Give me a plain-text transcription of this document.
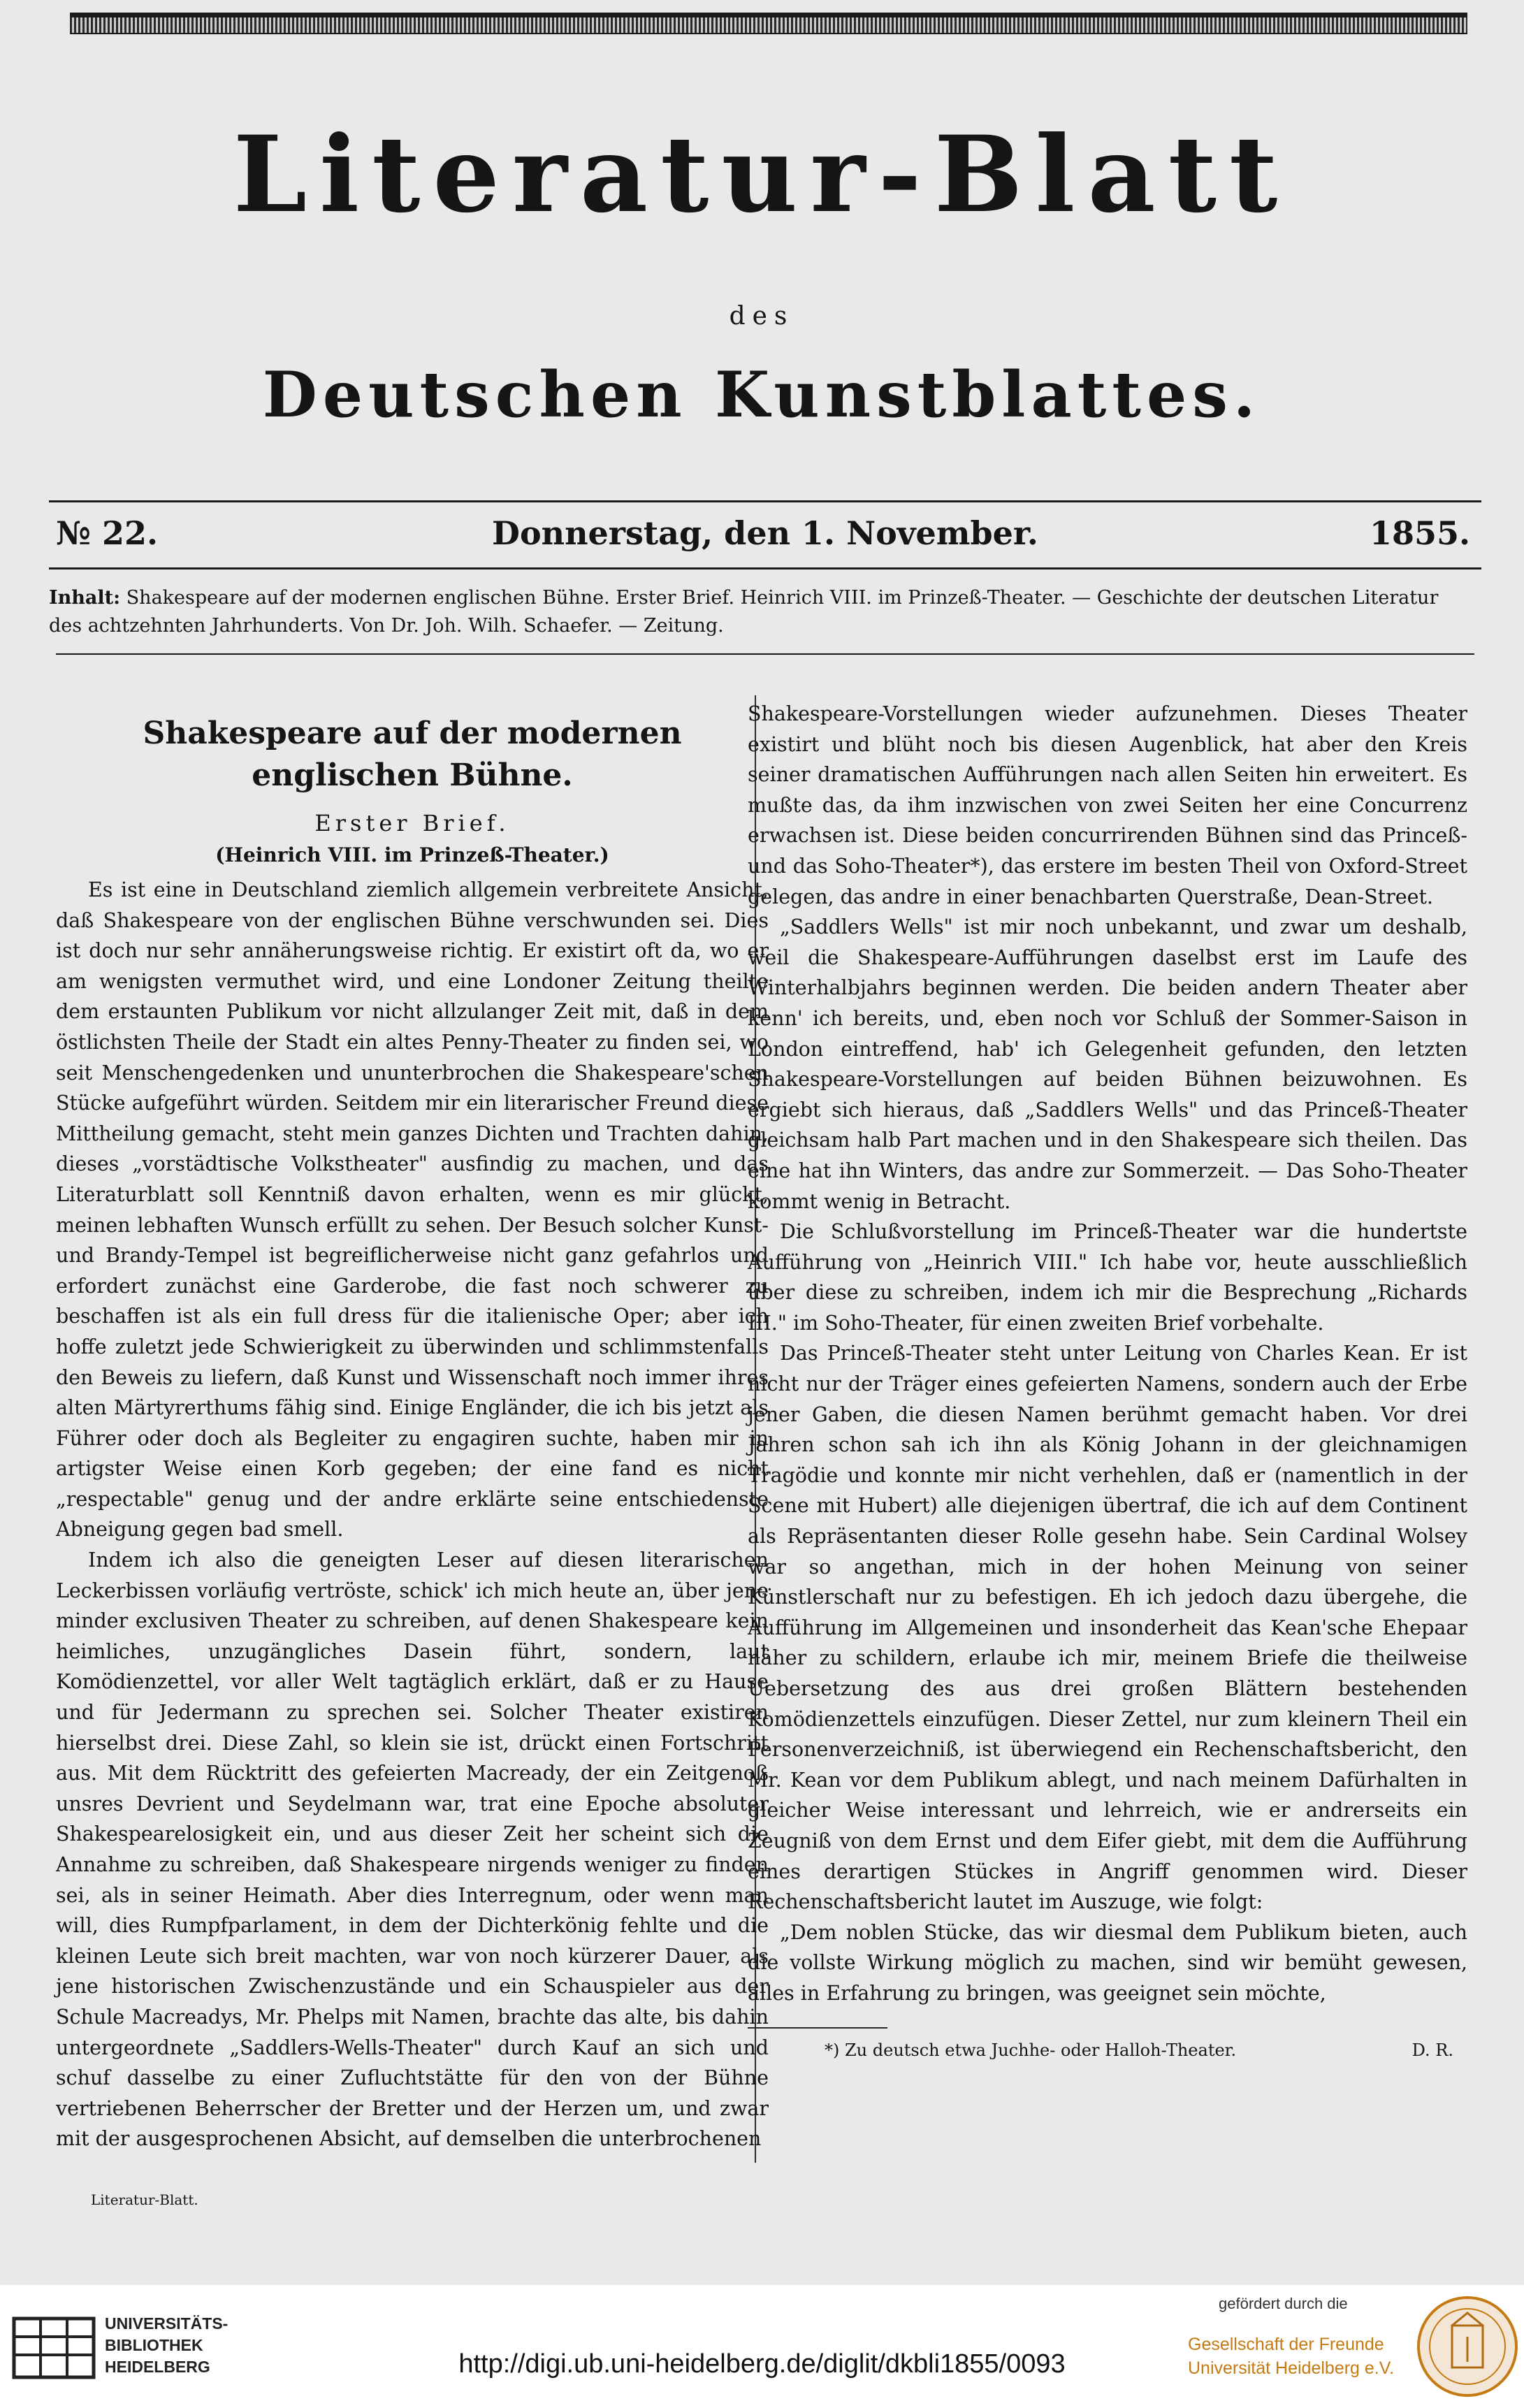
Literatur-Blatt
des
Deutschen Kunstblattes.
№ 22.	Donnerstag, den 1. November.	1855.
Inhalt: Shakespeare auf der modernen englischen Bühne. Erster Brief. Heinrich VIII. im Prinzeß-Theater. — Geschichte der deutschen Literatur des achtzehnten Jahrhunderts. Von Dr. Joh. Wilh. Schaefer. — Zeitung.
Shakespeare auf der modernen englischen Bühne.
Erster Brief.
(Heinrich VIII. im Prinzeß-Theater.)

Es ist eine in Deutschland ziemlich allgemein verbreitete Ansicht, daß Shakespeare von der englischen Bühne verschwunden sei. Dies ist doch nur sehr annäherungsweise richtig. Er existirt oft da, wo er am wenigsten vermuthet wird, und eine Londoner Zeitung theilte dem erstaunten Publikum vor nicht allzulanger Zeit mit, daß in dem östlichsten Theile der Stadt ein altes Penny-Theater zu finden sei, wo seit Menschengedenken und ununterbrochen die Shakespeare'schen Stücke aufgeführt würden. Seitdem mir ein literarischer Freund diese Mittheilung gemacht, steht mein ganzes Dichten und Trachten dahin, dieses „vorstädtische Volkstheater" ausfindig zu machen, und das Literaturblatt soll Kenntniß davon erhalten, wenn es mir glückt, meinen lebhaften Wunsch erfüllt zu sehen. Der Besuch solcher Kunst- und Brandy-Tempel ist begreiflicherweise nicht ganz gefahrlos und erfordert zunächst eine Garderobe, die fast noch schwerer zu beschaffen ist als ein full dress für die italienische Oper; aber ich hoffe zuletzt jede Schwierigkeit zu überwinden und schlimmstenfalls den Beweis zu liefern, daß Kunst und Wissenschaft noch immer ihres alten Märtyrerthums fähig sind. Einige Engländer, die ich bis jetzt als Führer oder doch als Begleiter zu engagiren suchte, haben mir in artigster Weise einen Korb gegeben; der eine fand es nicht „respectable" genug und der andre erklärte seine entschiedenste Abneigung gegen bad smell.

Indem ich also die geneigten Leser auf diesen literarischen Leckerbissen vorläufig vertröste, schick' ich mich heute an, über jene minder exclusiven Theater zu schreiben, auf denen Shakespeare kein heimliches, unzugängliches Dasein führt, sondern, laut Komödienzettel, vor aller Welt tagtäglich erklärt, daß er zu Hause und für Jedermann zu sprechen sei. Solcher Theater existiren hierselbst drei. Diese Zahl, so klein sie ist, drückt einen Fortschritt aus. Mit dem Rücktritt des gefeierten Macready, der ein Zeitgenoß unsres Devrient und Seydelmann war, trat eine Epoche absoluter Shakespearelosigkeit ein, und aus dieser Zeit her scheint sich die Annahme zu schreiben, daß Shakespeare nirgends weniger zu finden sei, als in seiner Heimath. Aber dies Interregnum, oder wenn man will, dies Rumpfparlament, in dem der Dichterkönig fehlte und die kleinen Leute sich breit machten, war von noch kürzerer Dauer, als jene historischen Zwischenzustände und ein Schauspieler aus der Schule Macreadys, Mr. Phelps mit Namen, brachte das alte, bis dahin untergeordnete „Saddlers-Wells-Theater" durch Kauf an sich und schuf dasselbe zu einer Zufluchtstätte für den von der Bühne vertriebenen Beherrscher der Bretter und der Herzen um, und zwar mit der ausgesprochenen Absicht, auf demselben die unterbrochenen

Shakespeare-Vorstellungen wieder aufzunehmen. Dieses Theater existirt und blüht noch bis diesen Augenblick, hat aber den Kreis seiner dramatischen Aufführungen nach allen Seiten hin erweitert. Es mußte das, da ihm inzwischen von zwei Seiten her eine Concurrenz erwachsen ist. Diese beiden concurrirenden Bühnen sind das Princeß- und das Soho-Theater*), das erstere im besten Theil von Oxford-Street gelegen, das andre in einer benachbarten Querstraße, Dean-Street.

„Saddlers Wells" ist mir noch unbekannt, und zwar um deshalb, weil die Shakespeare-Aufführungen daselbst erst im Laufe des Winterhalbjahrs beginnen werden. Die beiden andern Theater aber kenn' ich bereits, und, eben noch vor Schluß der Sommer-Saison in London eintreffend, hab' ich Gelegenheit gefunden, den letzten Shakespeare-Vorstellungen auf beiden Bühnen beizuwohnen. Es ergiebt sich hieraus, daß „Saddlers Wells" und das Princeß-Theater gleichsam halb Part machen und in den Shakespeare sich theilen. Das eine hat ihn Winters, das andre zur Sommerzeit. — Das Soho-Theater kommt wenig in Betracht.

Die Schlußvorstellung im Princeß-Theater war die hundertste Aufführung von „Heinrich VIII." Ich habe vor, heute ausschließlich über diese zu schreiben, indem ich mir die Besprechung „Richards III." im Soho-Theater, für einen zweiten Brief vorbehalte.

Das Princeß-Theater steht unter Leitung von Charles Kean. Er ist nicht nur der Träger eines gefeierten Namens, sondern auch der Erbe jener Gaben, die diesen Namen berühmt gemacht haben. Vor drei Jahren schon sah ich ihn als König Johann in der gleichnamigen Tragödie und konnte mir nicht verhehlen, daß er (namentlich in der Scene mit Hubert) alle diejenigen übertraf, die ich auf dem Continent als Repräsentanten dieser Rolle gesehn habe. Sein Cardinal Wolsey war so angethan, mich in der hohen Meinung von seiner Künstlerschaft nur zu befestigen. Eh ich jedoch dazu übergehe, die Aufführung im Allgemeinen und insonderheit das Kean'sche Ehepaar näher zu schildern, erlaube ich mir, meinem Briefe die theilweise Uebersetzung des aus drei großen Blättern bestehenden Komödienzettels einzufügen. Dieser Zettel, nur zum kleinern Theil ein Personenverzeichniß, ist überwiegend ein Rechenschaftsbericht, den Mr. Kean vor dem Publikum ablegt, und nach meinem Dafürhalten in gleicher Weise interessant und lehrreich, wie er andrerseits ein Zeugniß von dem Ernst und dem Eifer giebt, mit dem die Aufführung eines derartigen Stückes in Angriff genommen wird. Dieser Rechenschaftsbericht lautet im Auszuge, wie folgt:

„Dem noblen Stücke, das wir diesmal dem Publikum bieten, auch die vollste Wirkung möglich zu machen, sind wir bemüht gewesen, alles in Erfahrung zu bringen, was geeignet sein möchte,

*) Zu deutsch etwa Juchhe- oder Halloh-Theater.	D. R.
Literatur-Blatt.
UNIVERSITÄTS-
BIBLIOTHEK
HEIDELBERG	http://digi.ub.uni-heidelberg.de/diglit/dkbli1855/0093
gefördert durch die
Gesellschaft der Freunde
Universität Heidelberg e.V.
